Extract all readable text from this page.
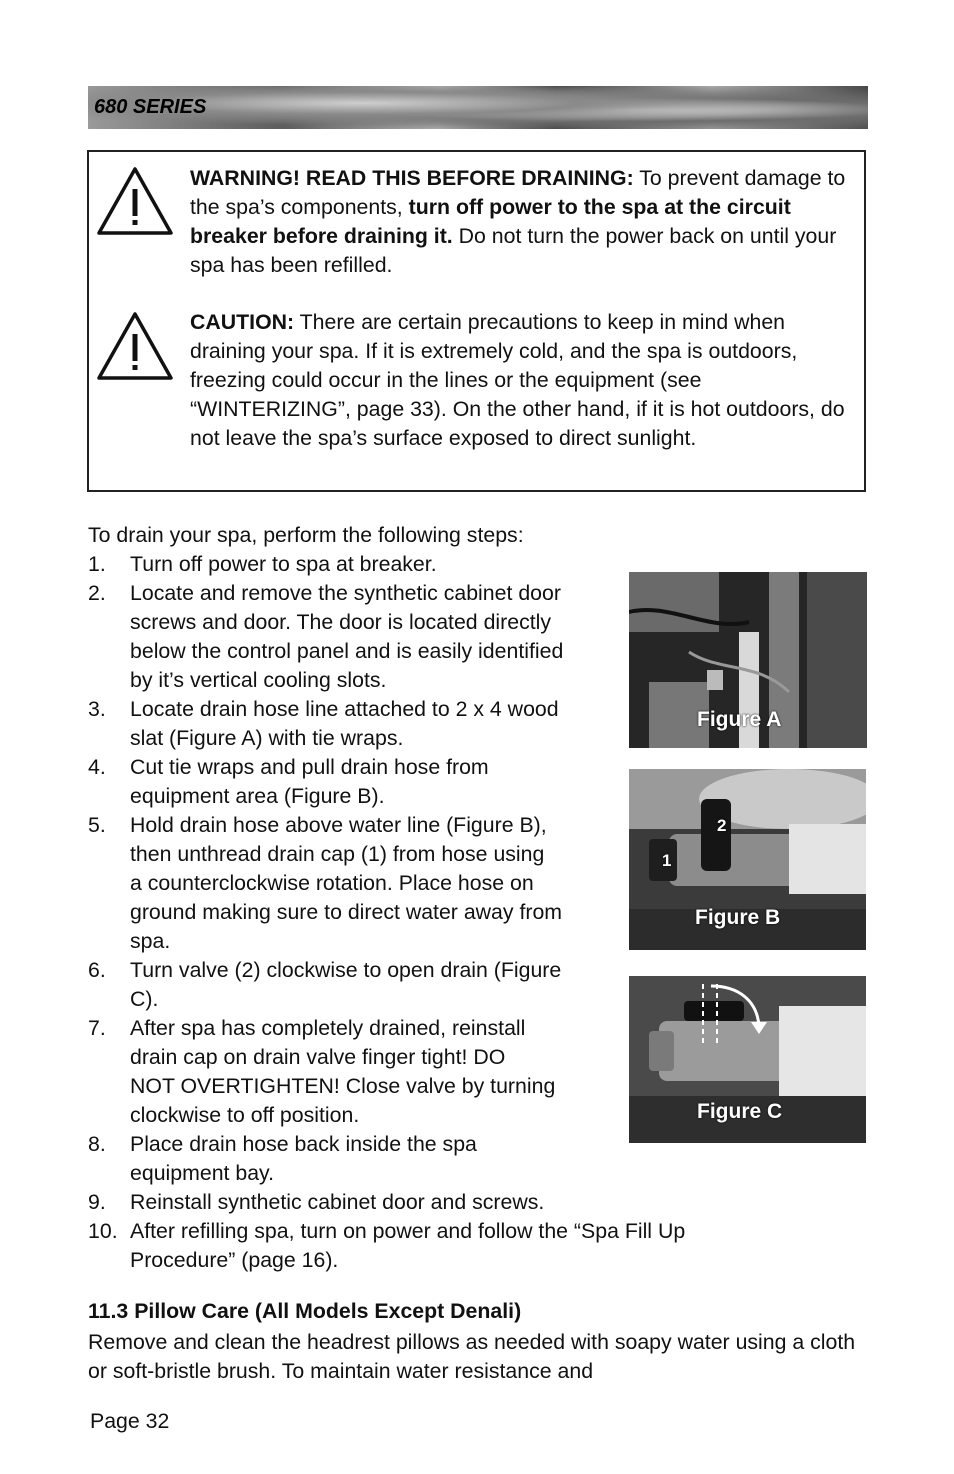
680 SERIES

WARNING! READ THIS BEFORE DRAINING: To prevent damage to the spa’s components, turn off power to the spa at the circuit breaker before draining it. Do not turn the power back on until your spa has been refilled.

CAUTION: There are certain precautions to keep in mind when draining your spa. If it is extremely cold, and the spa is outdoors, freezing could occur in the lines or the equipment (see “WINTERIZING”, page 33). On the other hand, if it is hot outdoors, do not leave the spa’s surface exposed to direct sunlight.

To drain your spa, perform the following steps:

1. Turn off power to spa at breaker.
2. Locate and remove the synthetic cabinet door
screws and door. The door is located directly
below the control panel and is easily identified
by it’s vertical cooling slots.
3. Locate drain hose line attached to 2 x 4 wood
slat (Figure A) with tie wraps.
4. Cut tie wraps and pull drain hose from
equipment area (Figure B).
5. Hold drain hose above water line (Figure B),
then unthread drain cap (1) from hose using
a counterclockwise rotation. Place hose on
ground making sure to direct water away from
spa.
6. Turn valve (2) clockwise to open drain (Figure
C).
7. After spa has completely drained, reinstall
drain cap on drain valve finger tight! DO
NOT OVERTIGHTEN! Close valve by turning
clockwise to off position.
8. Place drain hose back inside the spa
equipment bay.
9. Reinstall synthetic cabinet door and screws.
10. After refilling spa, turn on power and follow the “Spa Fill Up
Procedure” (page 16).
Figure A
2
1
Figure B
Figure C

11.3 Pillow Care (All Models Except Denali)

Remove and clean the headrest pillows as needed with soapy water using a cloth or soft-bristle brush. To maintain water resistance and

Page 32
